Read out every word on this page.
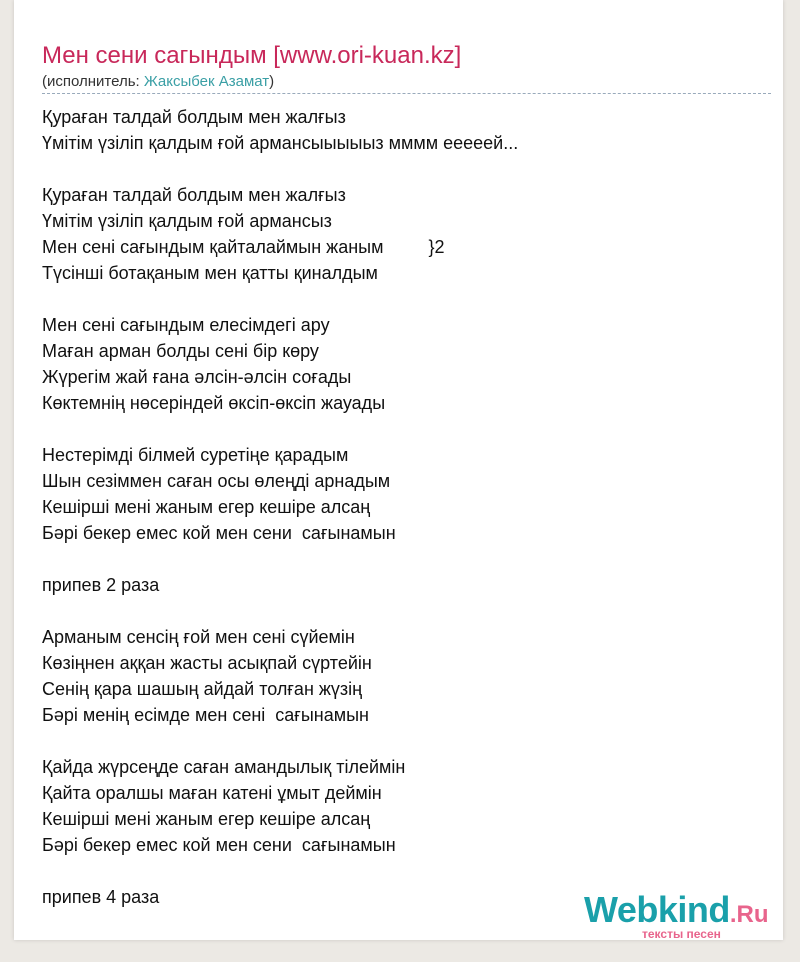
Мен сени сагындым [www.ori-kuan.kz]
(исполнитель: Жаксыбек Азамат)
Қураған талдай болдым мен жалғыз
Үмітім үзіліп қалдым ғой армансыыыыыз мммм ееееей...
Қураған талдай болдым мен жалғыз
Үмітім үзіліп қалдым ғой армансыз
Мен сені сағындым қайталаймын жаным         }2
Түсінші ботақаным мен қатты қиналдым
Мен сені сағындым елесімдегі ару
Маған арман болды сені бір көру
Жүрегім жай ғана әлсін-әлсін соғады
Көктемнің нөсеріндей өксіп-өксіп жауады
Нестерімді білмей суретіңе қарадым
Шын сезіммен саған осы өлеңді арнадым
Кешірші мені жаным егер кешіре алсаң
Бәрі бекер емес кой мен сени  сағынамын
припев 2 раза
Арманым сенсің ғой мен сені сүйемін
Көзіңнен аққан жасты асықпай сүртейін
Сенің қара шашың айдай толған жүзің
Бәрі менің есімде мен сені  сағынамын
Қайда жүрсеңде саған амандылық тілеймін
Қайта оралшы маған катені ұмыт деймін
Кешірші мені жаным егер кешіре алсаң
Бәрі бекер емес кой мен сени  сағынамын
припев 4 раза	Webkind.Ru
тексты песен
